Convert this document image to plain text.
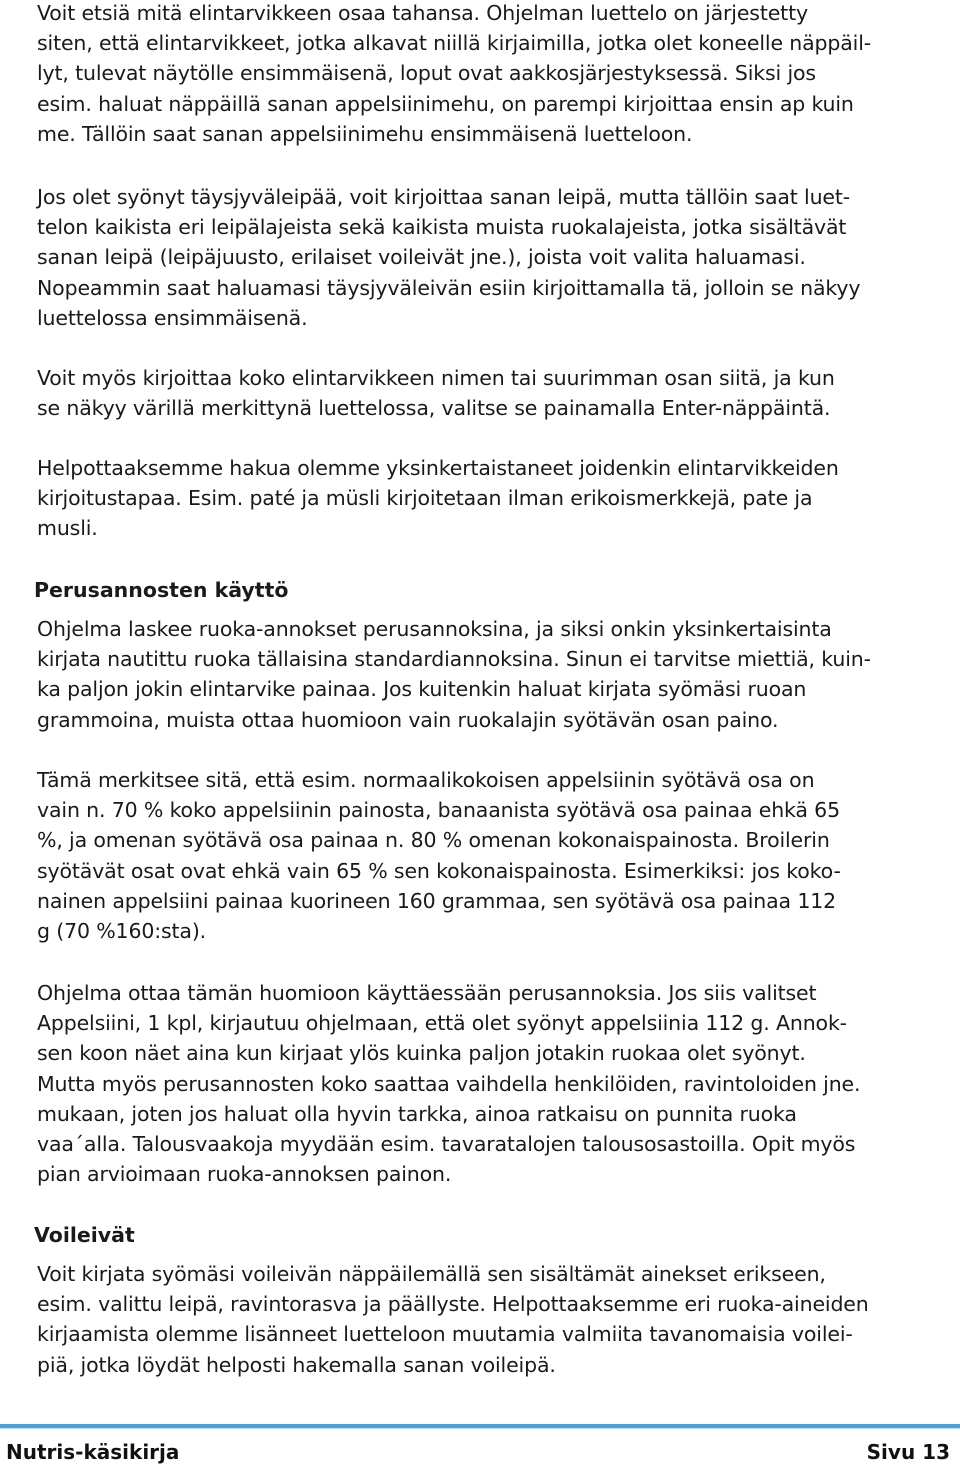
Voit etsiä mitä elintarvikkeen osaa tahansa. Ohjelman luettelo on järjestetty
siten, että elintarvikkeet, jotka alkavat niillä kirjaimilla, jotka olet koneelle näppäil-
lyt, tulevat näytölle ensimmäisenä, loput ovat aakkosjärjestyksessä. Siksi jos
esim. haluat näppäillä sanan appelsiinimehu, on parempi kirjoittaa ensin ap kuin
me. Tällöin saat sanan appelsiinimehu ensimmäisenä luetteloon.

Jos olet syönyt täysjyväleipää, voit kirjoittaa sanan leipä, mutta tällöin saat luet-
telon kaikista eri leipälajeista sekä kaikista muista ruokalajeista, jotka sisältävät
sanan leipä (leipäjuusto, erilaiset voileivät jne.), joista voit valita haluamasi.
Nopeammin saat haluamasi täysjyväleivän esiin kirjoittamalla tä, jolloin se näkyy
luettelossa ensimmäisenä.

Voit myös kirjoittaa koko elintarvikkeen nimen tai suurimman osan siitä, ja kun
se näkyy värillä merkittynä luettelossa, valitse se painamalla Enter-näppäintä.

Helpottaaksemme hakua olemme yksinkertaistaneet joidenkin elintarvikkeiden
kirjoitustapaa. Esim. paté ja müsli kirjoitetaan ilman erikoismerkkejä, pate ja
musli.

Perusannosten käyttö

Ohjelma laskee ruoka-annokset perusannoksina, ja siksi onkin yksinkertaisinta
kirjata nautittu ruoka tällaisina standardiannoksina. Sinun ei tarvitse miettiä, kuin-
ka paljon jokin elintarvike painaa. Jos kuitenkin haluat kirjata syömäsi ruoan
grammoina, muista ottaa huomioon vain ruokalajin syötävän osan paino.

Tämä merkitsee sitä, että esim. normaalikokoisen appelsiinin syötävä osa on
vain n. 70 % koko appelsiinin painosta, banaanista syötävä osa painaa ehkä 65
%, ja omenan syötävä osa painaa n. 80 % omenan kokonaispainosta. Broilerin
syötävät osat ovat ehkä vain 65 % sen kokonaispainosta. Esimerkiksi: jos koko-
nainen appelsiini painaa kuorineen 160 grammaa, sen syötävä osa painaa 112
g (70 %160:sta).

Ohjelma ottaa tämän huomioon käyttäessään perusannoksia. Jos siis valitset
Appelsiini, 1 kpl, kirjautuu ohjelmaan, että olet syönyt appelsiinia 112 g. Annok-
sen koon näet aina kun kirjaat ylös kuinka paljon jotakin ruokaa olet syönyt.
Mutta myös perusannosten koko saattaa vaihdella henkilöiden, ravintoloiden jne.
mukaan, joten jos haluat olla hyvin tarkka, ainoa ratkaisu on punnita ruoka
vaa´alla. Talousvaakoja myydään esim. tavaratalojen talousosastoilla. Opit myös
pian arvioimaan ruoka-annoksen painon.

Voileivät

Voit kirjata syömäsi voileivän näppäilemällä sen sisältämät ainekset erikseen,
esim. valittu leipä, ravintorasva ja päällyste. Helpottaaksemme eri ruoka-aineiden
kirjaamista olemme lisänneet luetteloon muutamia valmiita tavanomaisia voilei-
piä, jotka löydät helposti hakemalla sanan voileipä.

Nutris-käsikirja	Sivu 13
